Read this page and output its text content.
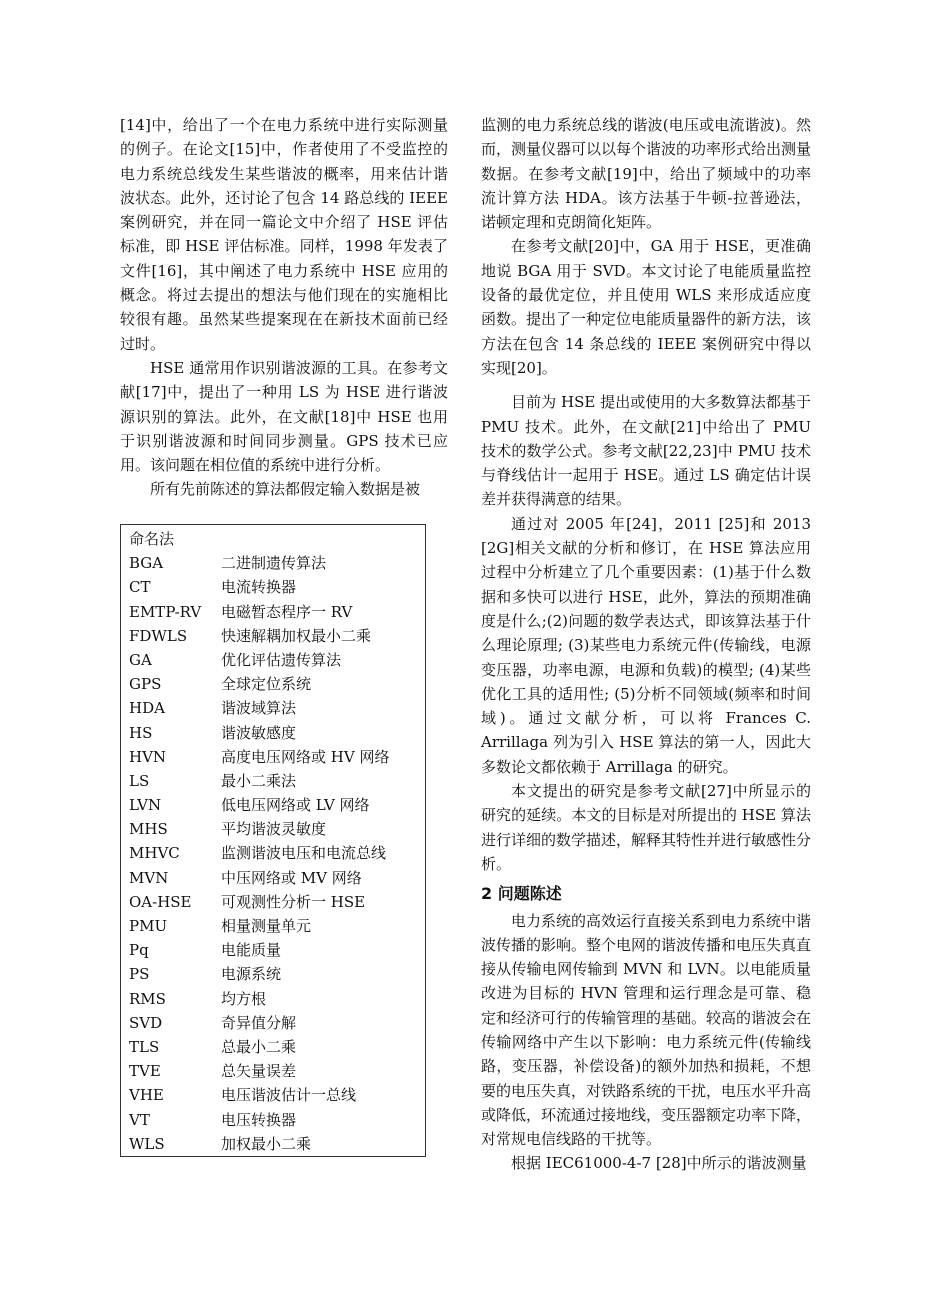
[14]中，给出了一个在电力系统中进行实际测量的例子。在论文[15]中，作者使用了不受监控的电力系统总线发生某些谐波的概率，用来估计谐波状态。此外，还讨论了包含 14 路总线的 IEEE 案例研究，并在同一篇论文中介绍了 HSE 评估标准，即 HSE 评估标准。同样，1998 年发表了文件[16]，其中阐述了电力系统中 HSE 应用的概念。将过去提出的想法与他们现在的实施相比较很有趣。虽然某些提案现在在新技术面前已经过时。

HSE 通常用作识别谐波源的工具。在参考文献[17]中，提出了一种用 LS 为 HSE 进行谐波源识别的算法。此外，在文献[18]中 HSE 也用于识别谐波源和时间同步测量。GPS 技术已应用。该问题在相位值的系统中进行分析。

所有先前陈述的算法都假定输入数据是被

命名法
BGA	二进制遗传算法
CT	电流转换器
EMTP-RV	电磁暂态程序一 RV
FDWLS	快速解耦加权最小二乘
GA	优化评估遗传算法
GPS	全球定位系统
HDA	谐波域算法
HS	谐波敏感度
HVN	高度电压网络或 HV 网络
LS	最小二乘法
LVN	低电压网络或 LV 网络
MHS	平均谐波灵敏度
MHVC	监测谐波电压和电流总线
MVN	中压网络或 MV 网络
OA-HSE	可观测性分析一 HSE
PMU	相量测量单元
Pq	电能质量
PS	电源系统
RMS	均方根
SVD	奇异值分解
TLS	总最小二乘
TVE	总矢量误差
VHE	电压谐波估计一总线
VT	电压转换器
WLS	加权最小二乘

监测的电力系统总线的谐波(电压或电流谐波)。然而，测量仪器可以以每个谐波的功率形式给出测量数据。在参考文献[19]中，给出了频域中的功率流计算方法 HDA。该方法基于牛顿-拉普逊法，诺顿定理和克朗简化矩阵。

在参考文献[20]中，GA 用于 HSE，更准确地说 BGA 用于 SVD。本文讨论了电能质量监控设备的最优定位，并且使用 WLS 来形成适应度函数。提出了一种定位电能质量器件的新方法，该方法在包含 14 条总线的 IEEE 案例研究中得以实现[20]。

目前为 HSE 提出或使用的大多数算法都基于 PMU 技术。此外，在文献[21]中给出了 PMU 技术的数学公式。参考文献[22,23]中 PMU 技术与脊线估计一起用于 HSE。通过 LS 确定估计误差并获得满意的结果。

通过对 2005 年[24]，2011 [25]和 2013 [2G]相关文献的分析和修订，在 HSE 算法应用过程中分析建立了几个重要因素：(1)基于什么数据和多快可以进行 HSE，此外，算法的预期准确度是什么;(2)问题的数学表达式，即该算法基于什么理论原理; (3)某些电力系统元件(传输线，电源变压器，功率电源，电源和负载)的模型; (4)某些优化工具的适用性; (5)分析不同领域(频率和时间域)。通过文献分析，可以将 Frances C. Arrillaga 列为引入 HSE 算法的第一人，因此大多数论文都依赖于 Arrillaga 的研究。

本文提出的研究是参考文献[27]中所显示的研究的延续。本文的目标是对所提出的 HSE 算法进行详细的数学描述，解释其特性并进行敏感性分析。

2 问题陈述

电力系统的高效运行直接关系到电力系统中谐波传播的影响。整个电网的谐波传播和电压失真直接从传输电网传输到 MVN 和 LVN。以电能质量改进为目标的 HVN 管理和运行理念是可靠、稳定和经济可行的传输管理的基础。较高的谐波会在传输网络中产生以下影响：电力系统元件(传输线路，变压器，补偿设备)的额外加热和损耗，不想要的电压失真，对铁路系统的干扰，电压水平升高或降低，环流通过接地线，变压器额定功率下降，对常规电信线路的干扰等。

根据 IEC61000-4-7 [28]中所示的谐波测量
